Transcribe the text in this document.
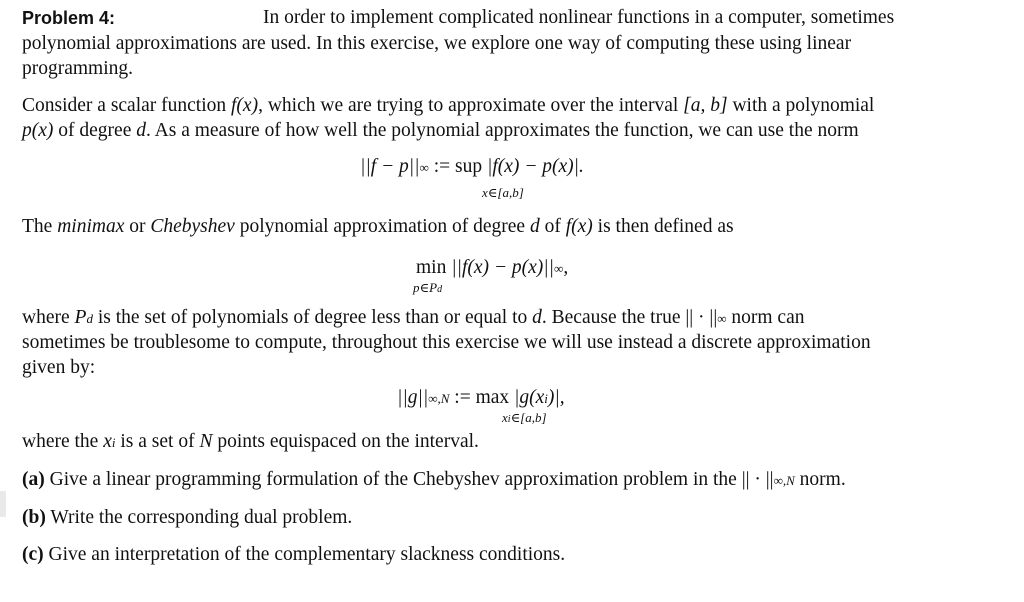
Problem 4:	In order to implement complicated nonlinear functions in a computer, sometimes
polynomial approximations are used. In this exercise, we explore one way of computing these using linear
programming.
Consider a scalar function f(x), which we are trying to approximate over the interval [a, b] with a polynomial
p(x) of degree d. As a measure of how well the polynomial approximates the function, we can use the norm
||f − p||∞ := sup |f(x) − p(x)|.
x∈[a,b]
The minimax or Chebyshev polynomial approximation of degree d of f(x) is then defined as
min ||f(x) − p(x)||∞,
p∈Pd
where Pd is the set of polynomials of degree less than or equal to d. Because the true || · ||∞ norm can
sometimes be troublesome to compute, throughout this exercise we will use instead a discrete approximation
given by:
||g||∞,N := max |g(xi)|,
xi∈[a,b]
where the xi is a set of N points equispaced on the interval.
(a) Give a linear programming formulation of the Chebyshev approximation problem in the || · ||∞,N norm.
(b) Write the corresponding dual problem.
(c) Give an interpretation of the complementary slackness conditions.
